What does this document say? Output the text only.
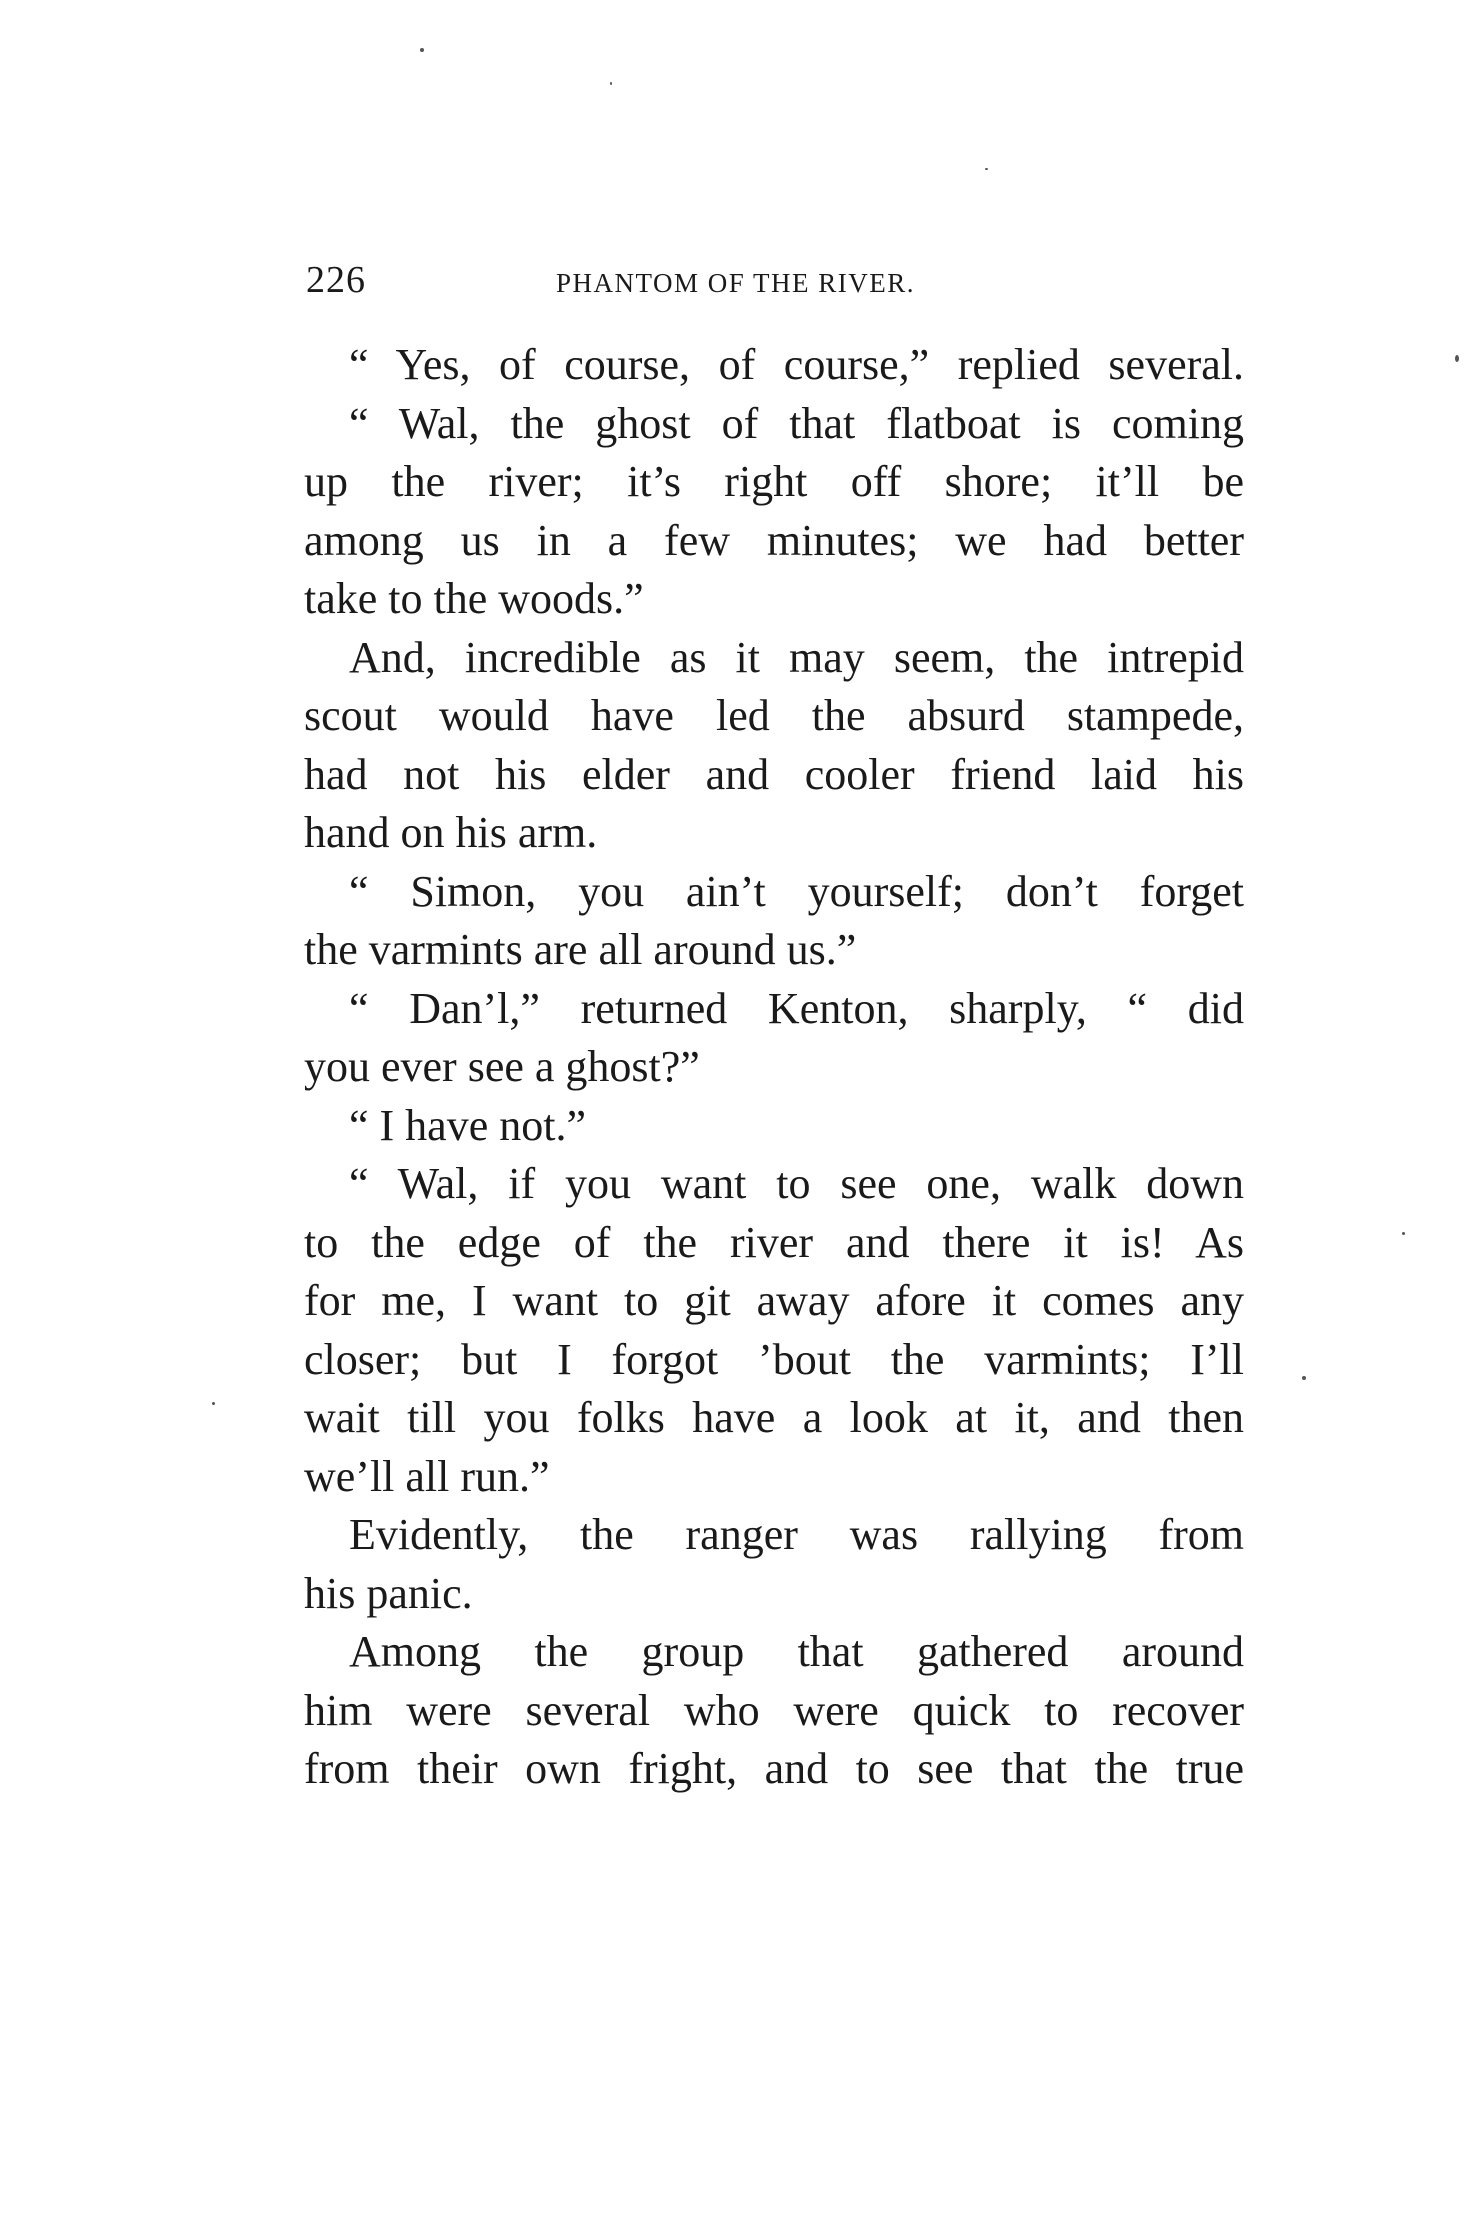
226	PHANTOM OF THE RIVER.
“ Yes, of course, of course,” replied several.
“ Wal, the ghost of that flatboat is coming
up the river; it’s right off shore; it’ll be
among us in a few minutes; we had better
take to the woods.”
And, incredible as it may seem, the intrepid
scout would have led the absurd stampede,
had not his elder and cooler friend laid his
hand on his arm.
“ Simon, you ain’t yourself; don’t forget
the varmints are all around us.”
“ Dan’l,” returned Kenton, sharply, “ did
you ever see a ghost?”
“ I have not.”
“ Wal, if you want to see one, walk down
to the edge of the river and there it is! As
for me, I want to git away afore it comes any
closer; but I forgot ’bout the varmints; I’ll
wait till you folks have a look at it, and then
we’ll all run.”
Evidently, the ranger was rallying from
his panic.
Among the group that gathered around
him were several who were quick to recover
from their own fright, and to see that the true
